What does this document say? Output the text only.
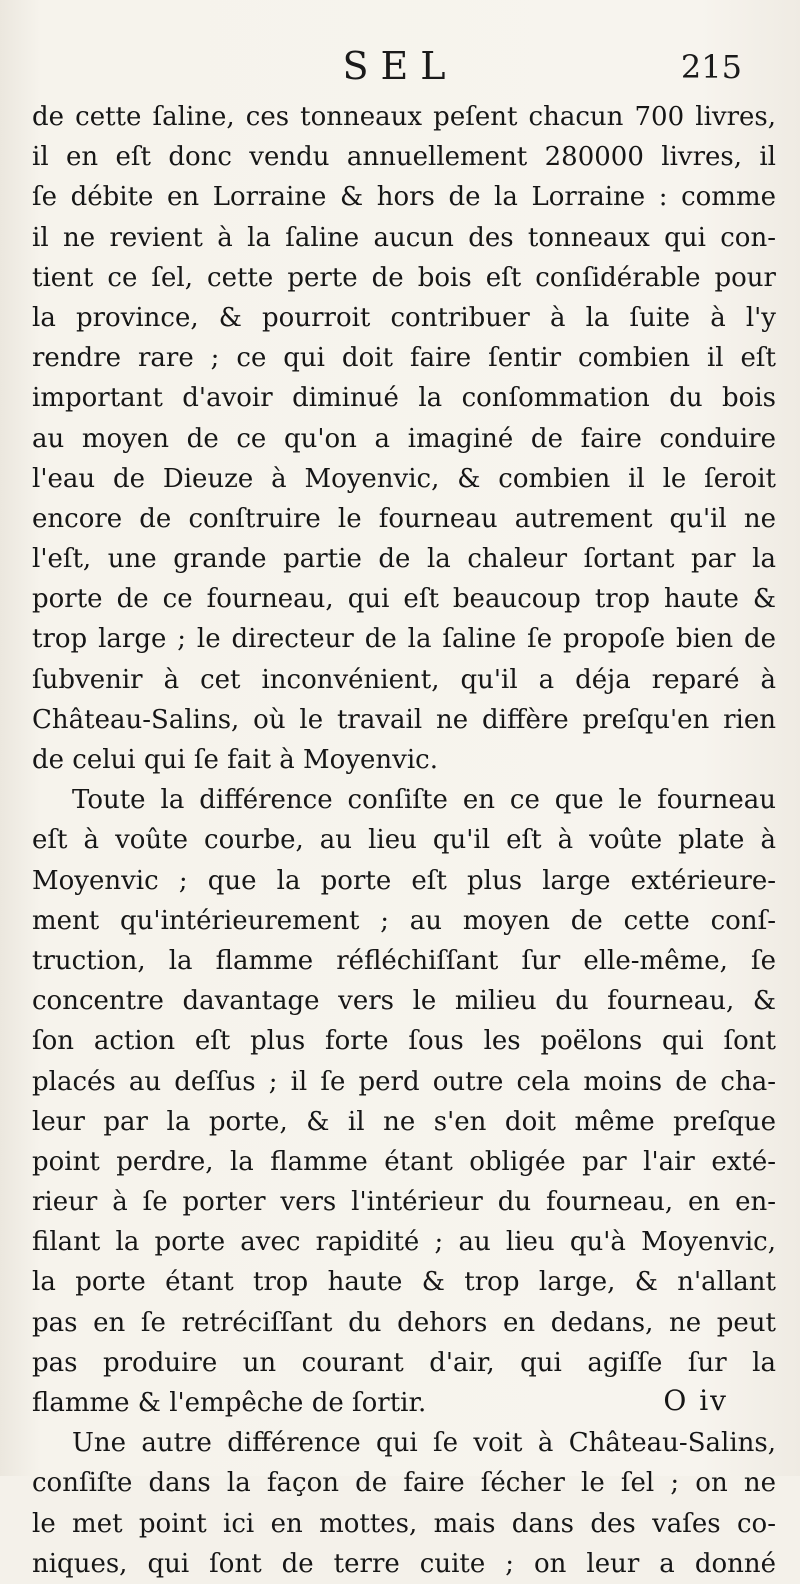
SEL	215
de cette ſaline, ces tonneaux peſent chacun 700 livres,
il en eſt donc vendu annuellement 280000 livres, il
ſe débite en Lorraine & hors de la Lorraine : comme
il ne revient à la ſaline aucun des tonneaux qui con-
tient ce ſel, cette perte de bois eſt conſidérable pour
la province, & pourroit contribuer à la ſuite à l'y
rendre rare ; ce qui doit faire ſentir combien il eſt
important d'avoir diminué la conſommation du bois
au moyen de ce qu'on a imaginé de faire conduire
l'eau de Dieuze à Moyenvic, & combien il le ſeroit
encore de conſtruire le fourneau autrement qu'il ne
l'eſt, une grande partie de la chaleur ſortant par la
porte de ce fourneau, qui eſt beaucoup trop haute &
trop large ; le directeur de la ſaline ſe propoſe bien de
ſubvenir à cet inconvénient, qu'il a déja reparé à
Château-Salins, où le travail ne diffère preſqu'en rien
de celui qui ſe fait à Moyenvic.
Toute la différence conſiſte en ce que le fourneau
eſt à voûte courbe, au lieu qu'il eſt à voûte plate à
Moyenvic ; que la porte eſt plus large extérieure-
ment qu'intérieurement ; au moyen de cette conſ-
truction, la flamme réfléchiſſant ſur elle-même, ſe
concentre davantage vers le milieu du fourneau, &
ſon action eſt plus forte ſous les poëlons qui ſont
placés au deſſus ; il ſe perd outre cela moins de cha-
leur par la porte, & il ne s'en doit même preſque
point perdre, la flamme étant obligée par l'air exté-
rieur à ſe porter vers l'intérieur du fourneau, en en-
filant la porte avec rapidité ; au lieu qu'à Moyenvic,
la porte étant trop haute & trop large, & n'allant
pas en ſe retréciſſant du dehors en dedans, ne peut
pas produire un courant d'air, qui agiſſe ſur la
flamme & l'empêche de ſortir.
Une autre différence qui ſe voit à Château-Salins,
conſiſte dans la façon de faire ſécher le ſel ; on ne
le met point ici en mottes, mais dans des vaſes co-
niques, qui ſont de terre cuite ; on leur a donné
O iv
